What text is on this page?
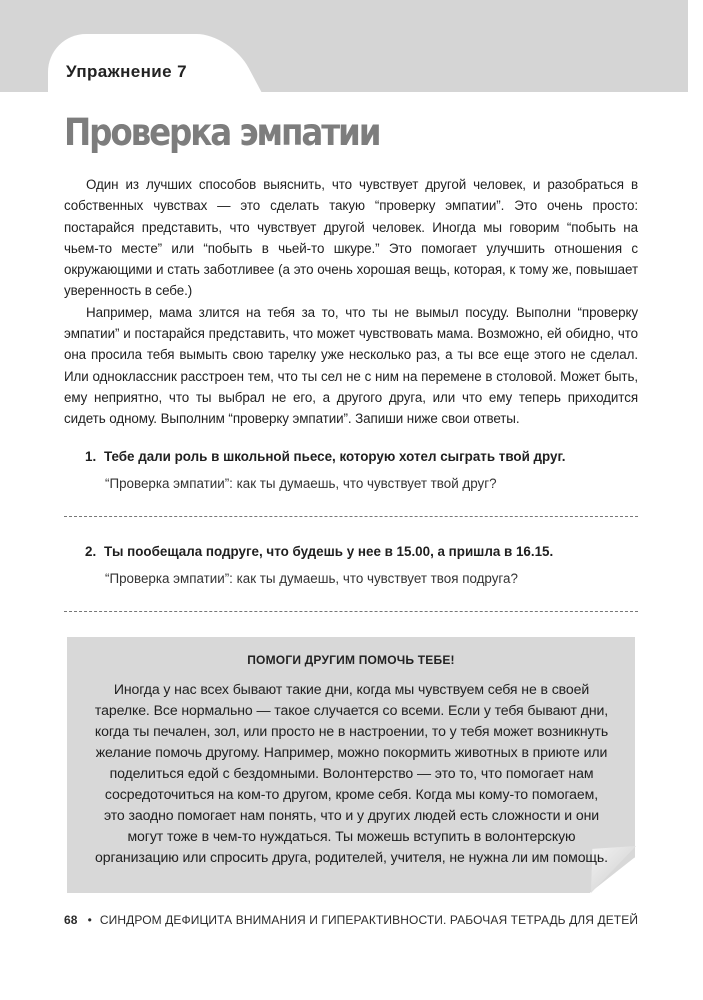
Упражнение 7
Проверка эмпатии

Один из лучших способов выяснить, что чувствует другой человек, и разобраться в собственных чувствах — это сделать такую “проверку эмпатии”. Это очень просто: постарайся представить, что чувствует другой человек. Иногда мы говорим “побыть на чьем-то месте” или “побыть в чьей-то шкуре.” Это помогает улучшить отношения с окружающими и стать заботливее (а это очень хорошая вещь, которая, к тому же, повышает уверенность в себе.)

Например, мама злится на тебя за то, что ты не вымыл посуду. Выполни “проверку эмпатии” и постарайся представить, что может чувствовать мама. Возможно, ей обидно, что она просила тебя вымыть свою тарелку уже несколько раз, а ты все еще этого не сделал. Или одноклассник расстроен тем, что ты сел не с ним на перемене в столовой. Может быть, ему неприятно, что ты выбрал не его, а другого друга, или что ему теперь приходится сидеть одному. Выполним “проверку эмпатии”. Запиши ниже свои ответы.

1. Тебе дали роль в школьной пьесе, которую хотел сыграть твой друг.
“Проверка эмпатии”: как ты думаешь, что чувствует твой друг?
2. Ты пообещала подруге, что будешь у нее в 15.00, а пришла в 16.15.
“Проверка эмпатии”: как ты думаешь, что чувствует твоя подруга?
ПОМОГИ ДРУГИМ ПОМОЧЬ ТЕБЕ!
Иногда у нас всех бывают такие дни, когда мы чувствуем себя не в своей тарелке. Все нормально — такое случается со всеми. Если у тебя бывают дни, когда ты печален, зол, или просто не в настроении, то у тебя может возникнуть желание помочь другому. Например, можно покормить животных в приюте или поделиться едой с бездомными. Волонтерство — это то, что помогает нам сосредоточиться на ком-то другом, кроме себя. Когда мы кому-то помогаем, это заодно помогает нам понять, что и у других людей есть сложности и они могут тоже в чем-то нуждаться. Ты можешь вступить в волонтерскую организацию или спросить друга, родителей, учителя, не нужна ли им помощь.
68 • СИНДРОМ ДЕФИЦИТА ВНИМАНИЯ И ГИПЕРАКТИВНОСТИ. РАБОЧАЯ ТЕТРАДЬ ДЛЯ ДЕТЕЙ
